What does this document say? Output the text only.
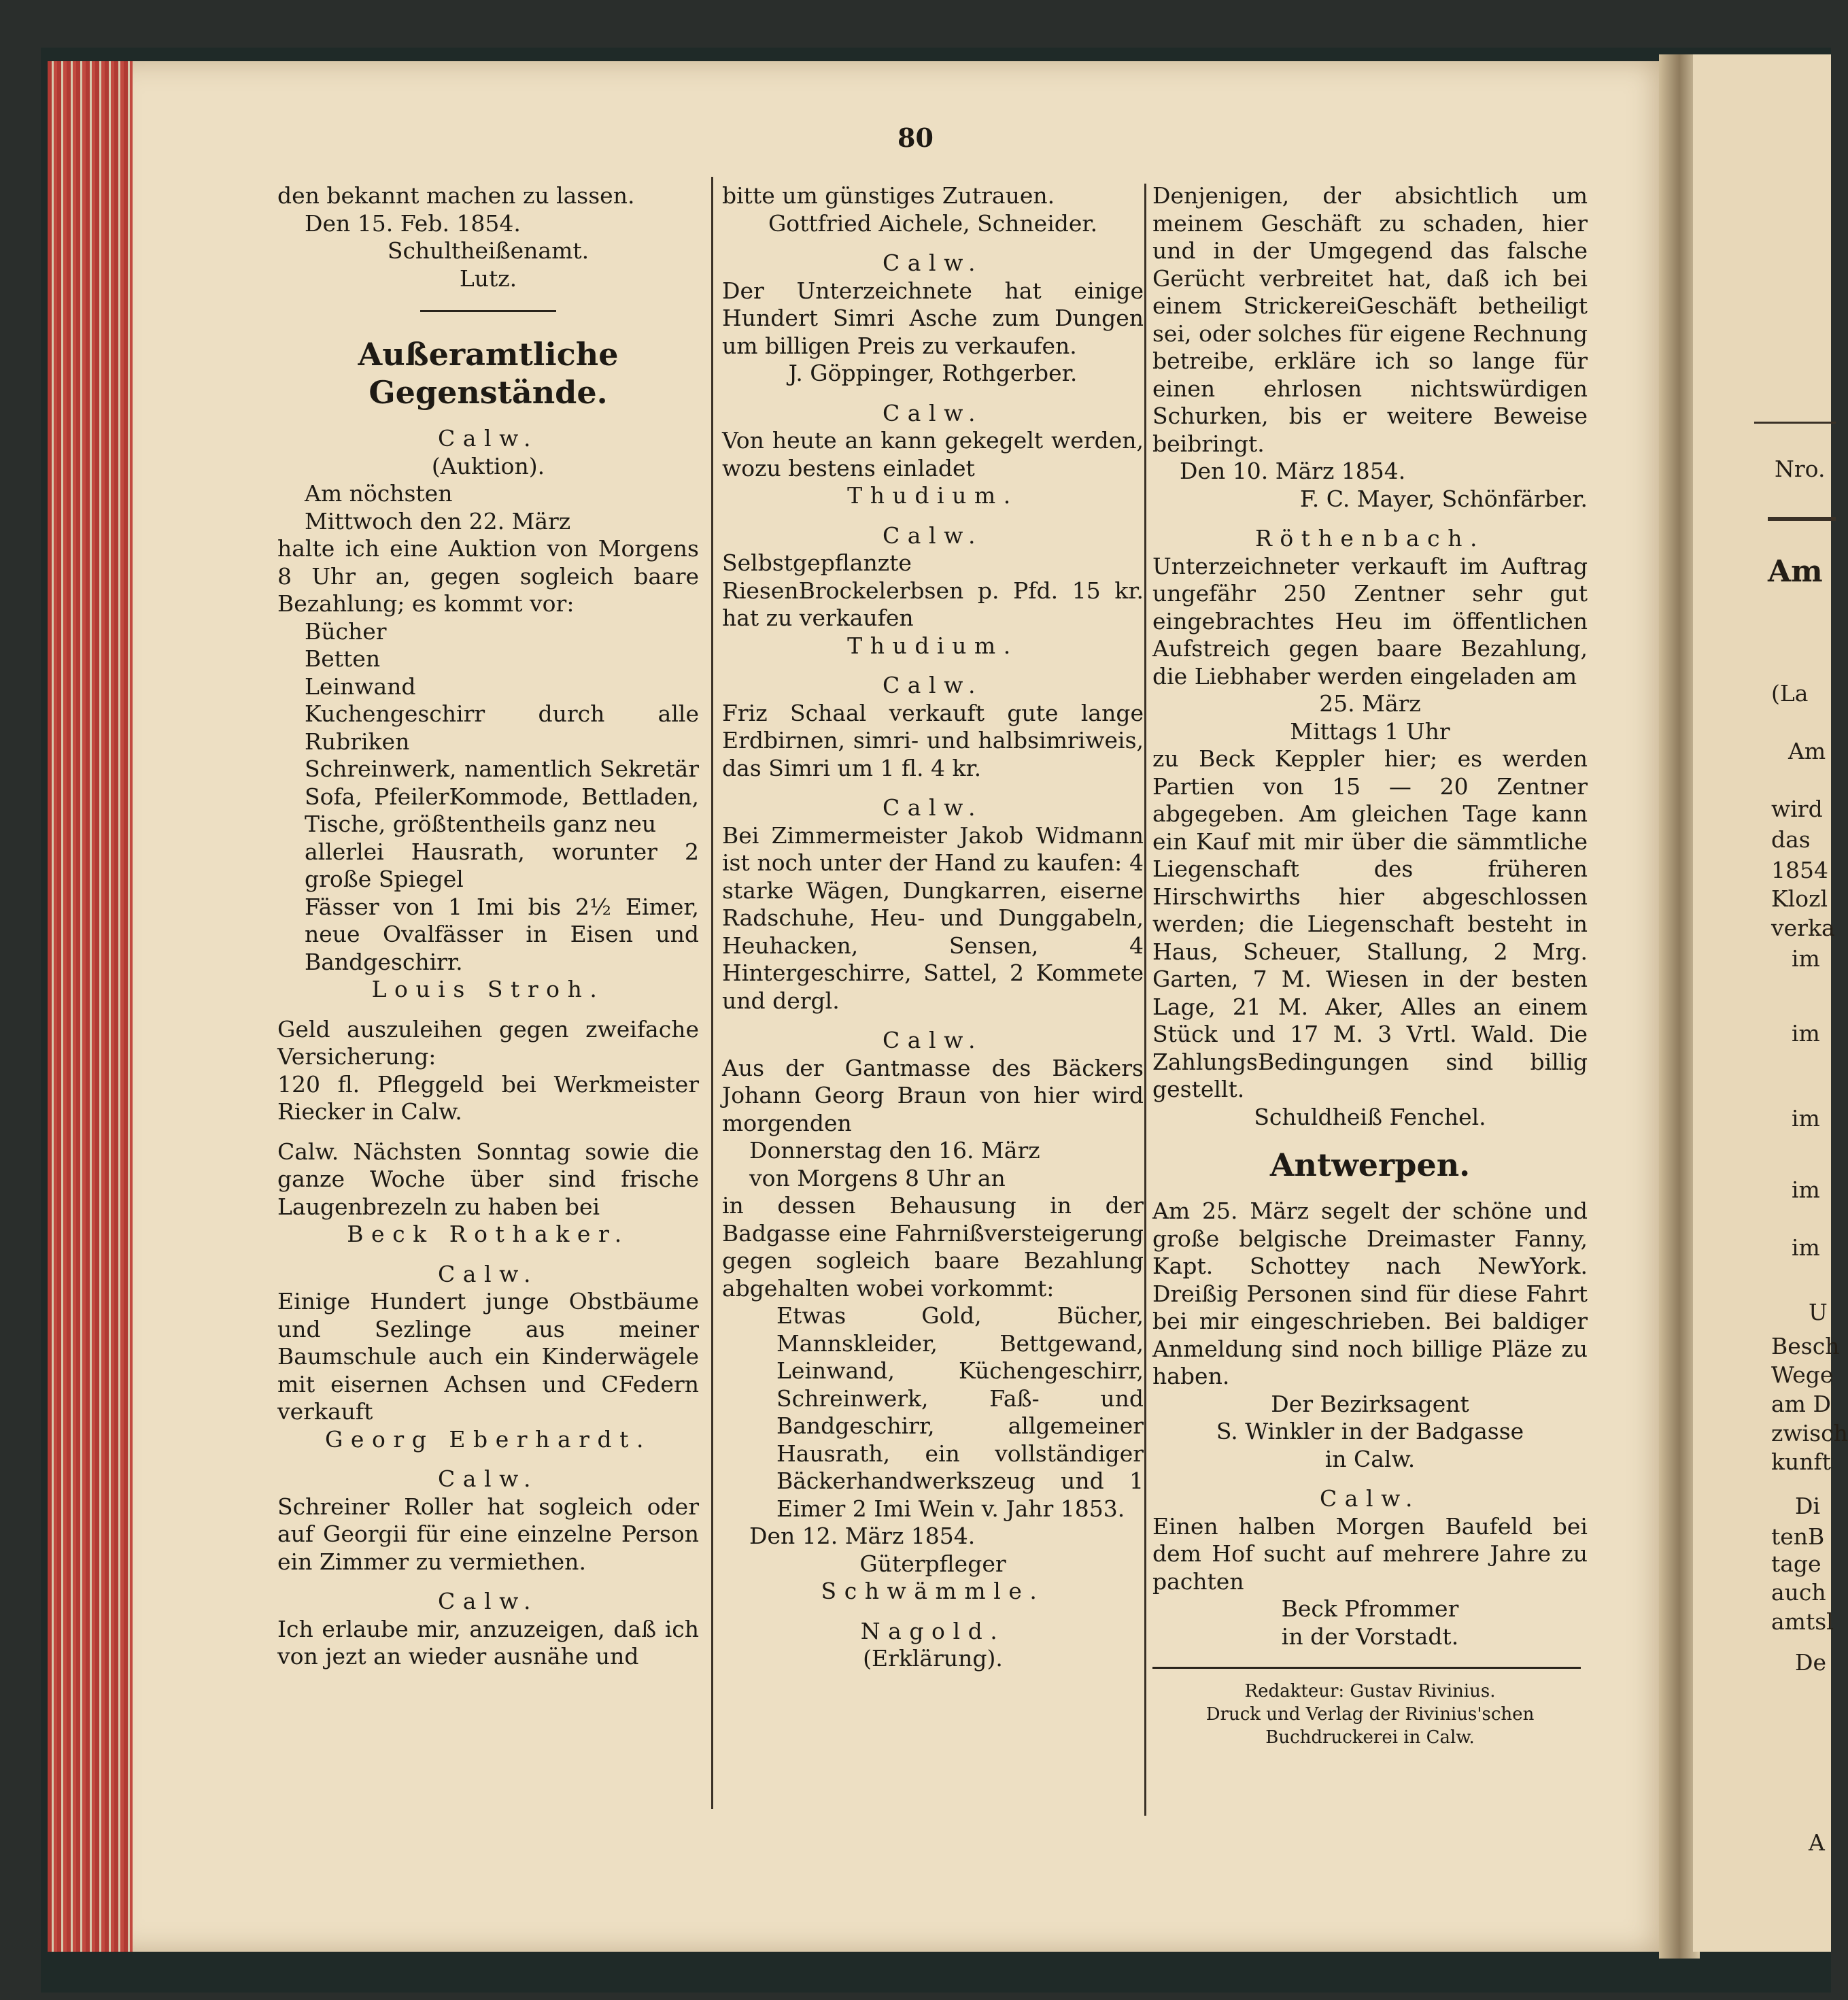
80

den bekannt machen zu lassen.

Den 15. Feb. 1854.

Schultheißenamt.

Lutz.

Außeramtliche Gegenstände.

Calw.

(Auktion).

Am nöchsten

Mittwoch den 22. März

halte ich eine Auktion von Morgens 8 Uhr an, gegen sogleich baare Bezahlung; es kommt vor:

Bücher

Betten

Leinwand

Kuchengeschirr durch alle Rubriken

Schreinwerk, namentlich Sekretär Sofa, PfeilerKommode, Bettladen, Tische, größtentheils ganz neu

allerlei Hausrath, worunter 2 große Spiegel

Fässer von 1 Imi bis 2½ Eimer, neue Ovalfässer in Eisen und Bandgeschirr.

Louis Stroh.

Geld auszuleihen gegen zweifache Versicherung:

120 fl. Pfleggeld bei Werkmeister Riecker in Calw.

Calw. Nächsten Sonntag sowie die ganze Woche über sind frische Laugenbrezeln zu haben bei

Beck Rothaker.

Calw.

Einige Hundert junge Obstbäume und Sezlinge aus meiner Baumschule auch ein Kinderwägele mit eisernen Achsen und CFedern verkauft

Georg Eberhardt.

Calw.

Schreiner Roller hat sogleich oder auf Georgii für eine einzelne Person ein Zimmer zu vermiethen.

Calw.

Ich erlaube mir, anzuzeigen, daß ich von jezt an wieder ausnähe und

bitte um günstiges Zutrauen.

Gottfried Aichele, Schneider.

Calw.

Der Unterzeichnete hat einige Hundert Simri Asche zum Dungen um billigen Preis zu verkaufen.

J. Göppinger, Rothgerber.

Calw.

Von heute an kann gekegelt werden, wozu bestens einladet

Thudium.

Calw.

Selbstgepflanzte RiesenBrockelerbsen p. Pfd. 15 kr. hat zu verkaufen

Thudium.

Calw.

Friz Schaal verkauft gute lange Erdbirnen, simri- und halbsimriweis, das Simri um 1 fl. 4 kr.

Calw.

Bei Zimmermeister Jakob Widmann ist noch unter der Hand zu kaufen: 4 starke Wägen, Dungkarren, eiserne Radschuhe, Heu- und Dunggabeln, Heuhacken, Sensen, 4 Hintergeschirre, Sattel, 2 Kommete und dergl.

Calw.

Aus der Gantmasse des Bäckers Johann Georg Braun von hier wird morgenden

Donnerstag den 16. März

von Morgens 8 Uhr an

in dessen Behausung in der Badgasse eine Fahrnißversteigerung gegen sogleich baare Bezahlung abgehalten wobei vorkommt:

Etwas Gold, Bücher, Mannskleider, Bettgewand, Leinwand, Küchengeschirr, Schreinwerk, Faß- und Bandgeschirr, allgemeiner Hausrath, ein vollständiger Bäckerhandwerkszeug und 1 Eimer 2 Imi Wein v. Jahr 1853.

Den 12. März 1854.

Güterpfleger

Schwämmle.

Nagold.

(Erklärung).

Denjenigen, der absichtlich um meinem Geschäft zu schaden, hier und in der Umgegend das falsche Gerücht verbreitet hat, daß ich bei einem StrickereiGeschäft betheiligt sei, oder solches für eigene Rechnung betreibe, erkläre ich so lange für einen ehrlosen nichtswürdigen Schurken, bis er weitere Beweise beibringt.

Den 10. März 1854.

F. C. Mayer, Schönfärber.

Röthenbach.

Unterzeichneter verkauft im Auftrag ungefähr 250 Zentner sehr gut eingebrachtes Heu im öffentlichen Aufstreich gegen baare Bezahlung, die Liebhaber werden eingeladen am

25. März

Mittags 1 Uhr

zu Beck Keppler hier; es werden Partien von 15 — 20 Zentner abgegeben. Am gleichen Tage kann ein Kauf mit mir über die sämmtliche Liegenschaft des früheren Hirschwirths hier abgeschlossen werden; die Liegenschaft besteht in Haus, Scheuer, Stallung, 2 Mrg. Garten, 7 M. Wiesen in der besten Lage, 21 M. Aker, Alles an einem Stück und 17 M. 3 Vrtl. Wald. Die ZahlungsBedingungen sind billig gestellt.

Schuldheiß Fenchel.

Antwerpen.

Am 25. März segelt der schöne und große belgische Dreimaster Fanny, Kapt. Schottey nach NewYork. Dreißig Personen sind für diese Fahrt bei mir eingeschrieben. Bei baldiger Anmeldung sind noch billige Pläze zu haben.

Der Bezirksagent

S. Winkler in der Badgasse

in Calw.

Calw.

Einen halben Morgen Baufeld bei dem Hof sucht auf mehrere Jahre zu pachten

Beck Pfrommer

in der Vorstadt.

Redakteur: Gustav Rivinius.

Druck und Verlag der Rivinius'schen Buchdruckerei in Calw.

Nro.
Am
(La
Am
wird
das
1854
Klozl
verka
im
im
im
im
im
U
Besch
Wege
am D
zwisch
kunft
Di
tenB
tage
auch
amtsl
De
A
